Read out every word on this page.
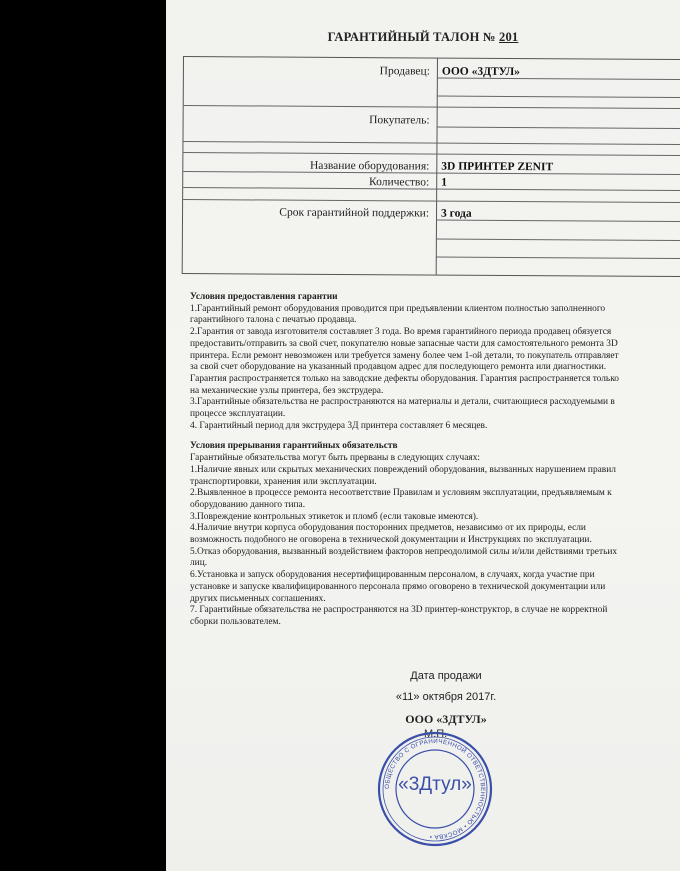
ГАРАНТИЙНЫЙ ТАЛОН № 201
Продавец: ООО «3ДТУЛ»
Покупатель:
Название оборудования: 3D ПРИНТЕР ZENIT
Количество: 1
Срок гарантийной поддержки: 3 года

Условия предоставления гарантии

1.Гарантийный ремонт оборудования проводится при предъявлении клиентом полностью заполненного

гарантийного талона с печатью продавца.

2.Гарантия от завода изготовителя составляет 3 года. Во время гарантийного периода продавец обязуется

предоставить/отправить за свой счет, покупателю новые запасные части для самостоятельного ремонта 3D

принтера. Если ремонт невозможен или требуется замену более чем 1-ой детали, то покупатель отправляет

за свой счет оборудование на указанный продавцом адрес для последующего ремонта или диагностики.

Гарантия распространяется только на заводские дефекты оборудования. Гарантия распространяется только

на механические узлы принтера, без экструдера.

3.Гарантийные обязательства не распространяются на материалы и детали, считающиеся расходуемыми в

процессе эксплуатации.

4. Гарантийный период для экструдера 3Д принтера составляет 6 месяцев.

Условия прерывания гарантийных обязательств

Гарантийные обязательства могут быть прерваны в следующих случаях:

1.Наличие явных или скрытых механических повреждений оборудования, вызванных нарушением правил

транспортировки, хранения или эксплуатации.

2.Выявленное в процессе ремонта несоответствие Правилам и условиям эксплуатации, предъявляемым к

оборудованию данного типа.

3.Повреждение контрольных этикеток и пломб (если таковые имеются).

4.Наличие внутри корпуса оборудования посторонних предметов, независимо от их природы, если

возможность подобного не оговорена в технической документации и Инструкциях по эксплуатации.

5.Отказ оборудования, вызванный воздействием факторов непреодолимой силы и/или действиями третьих

лиц.

6.Установка и запуск оборудования несертифицированным персоналом, в случаях, когда участие при

установке и запуске квалифицированного персонала прямо оговорено в технической документации или

других письменных соглашениях.

7. Гарантийные обязательства не распространяются на 3D принтер-конструктор, в случае не корректной

сборки пользователем.

Дата продажи
«11» октября 2017г.
ООО «3ДТУЛ»
М.П.
ОБЩЕСТВО С ОГРАНИЧЕННОЙ ОТВЕТСТВЕННОСТЬЮ • МОСКВА •
«3Дтул»
